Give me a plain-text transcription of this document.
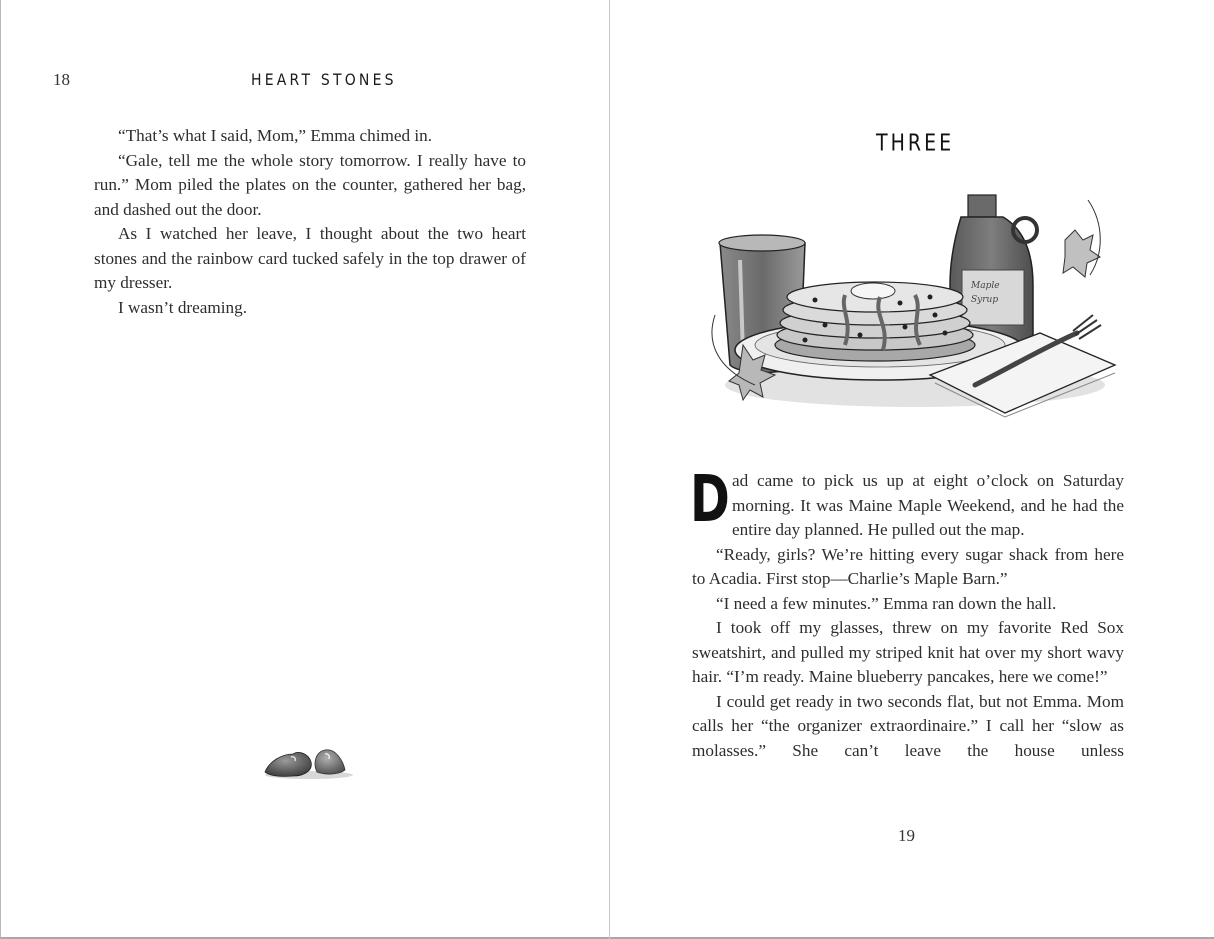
18	HEART STONES

“That’s what I said, Mom,” Emma chimed in.

“Gale, tell me the whole story tomorrow. I really have to run.” Mom piled the plates on the counter, gathered her bag, and dashed out the door.

As I watched her leave, I thought about the two heart stones and the rainbow card tucked safely in the top drawer of my dresser.

I wasn’t dreaming.

THREE
Maple
Syrup

Dad came to pick us up at eight o’clock on Saturday morning. It was Maine Maple Weekend, and he had the entire day planned. He pulled out the map.

“Ready, girls? We’re hitting every sugar shack from here to Acadia. First stop—Charlie’s Maple Barn.”

“I need a few minutes.” Emma ran down the hall.

I took off my glasses, threw on my favorite Red Sox sweatshirt, and pulled my striped knit hat over my short wavy hair. “I’m ready. Maine blueberry pancakes, here we come!”

I could get ready in two seconds flat, but not Emma. Mom calls her “the organizer extraordinaire.” I call her “slow as molasses.” She can’t leave the house unless

19
